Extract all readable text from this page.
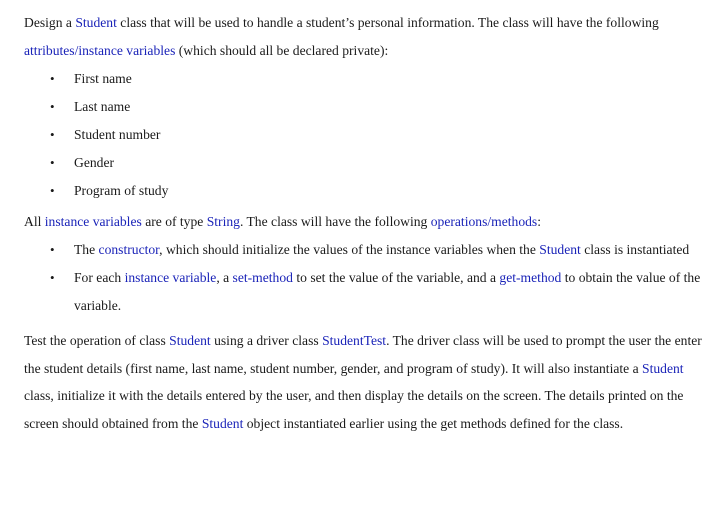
Design a Student class that will be used to handle a student’s personal information. The class will have the following attributes/instance variables (which should all be declared private):

• First name
• Last name
• Student number
• Gender
• Program of study

All instance variables are of type String. The class will have the following operations/methods:

• The constructor, which should initialize the values of the instance variables when the Student class is instantiated
• For each instance variable, a set-method to set the value of the variable, and a get-method to obtain the value of the variable.

Test the operation of class Student using a driver class StudentTest. The driver class will be used to prompt the user the enter the student details (first name, last name, student number, gender, and program of study). It will also instantiate a Student class, initialize it with the details entered by the user, and then display the details on the screen. The details printed on the screen should obtained from the Student object instantiated earlier using the get methods defined for the class.
